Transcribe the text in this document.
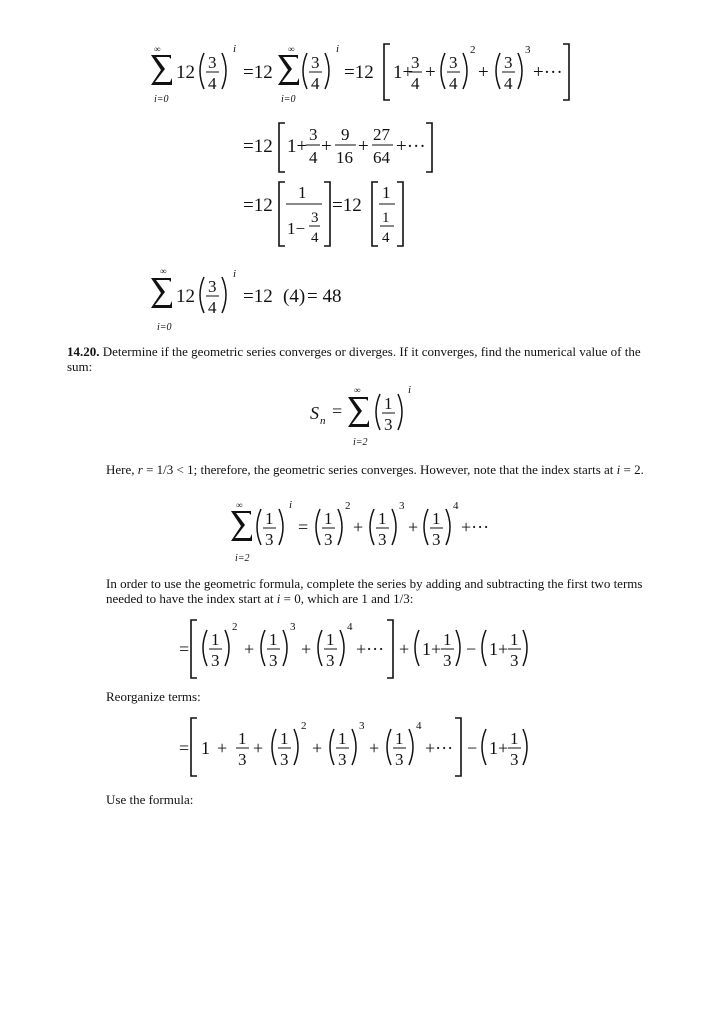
∞
i=0
12 3
4
i
=12
∞
i=0
3
4
i
=12 1+
3
4
+ 3
4
2
+ 3
4
3
+···
=12 1+
3
4
+
9
16
+
27
64
+···
=12
1
1−
3
4
=12
1
1
4
∞
i=0
12 3
4
i
=12 (4) = 48
14.20. Determine if the geometric series converges or diverges. If it converges, find the numerical value of the sum:
S n =
∞
i=2
1
3
i
Here, r = 1/3 < 1; therefore, the geometric series converges. However, note that the index starts at i = 2.
∞
i=2
1
3
i
= 1
3
2
+ 1
3
3
+ 1
3
4
+···
In order to use the geometric formula, complete the series by adding and subtracting the first two terms needed to have the index start at i = 0, which are 1 and 1/3:
= 1
3
2
+ 1
3
3
+ 1
3
4
+··· + 1+ 1
3
− 1+ 1
3
Reorganize terms:
= 1 + 1
3
+ 1
3
2
+ 1
3
3
+ 1
3
4
+··· − 1+ 1
3
Use the formula:
